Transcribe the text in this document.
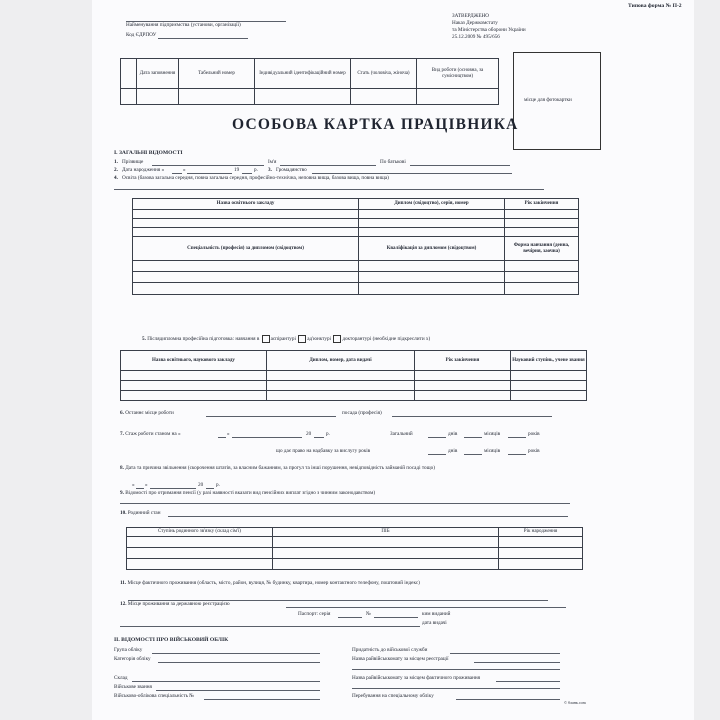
Типова форма № П-2
ЗАТВЕРДЖЕНО
Наказ Держкомстату
та Міністерства оборони України
25.12.2009 № 495/656
Найменування підприємства (установи, організації)
Код ЄДРПОУ
	Дата заповнення	Табельний номер	Індивідуальний ідентифікаційний номер	Стать (чоловіча, жіноча)	Вид роботи (основна, за сумісництвом)

місце для фотокартки
ОСОБОВА КАРТКА ПРАЦІВНИКА
І. ЗАГАЛЬНІ ВІДОМОСТІ
1. Прізвище	Ім'я	По батькові
2. Дата народження «	»	19	р. 3. Громадянство
4. Освіта (базова загальна середня, повна загальна середня, професійно-технічна, неповна вища, базова вища, повна вища)
Назва освітнього закладу	Диплом (свідоцтво), серія, номер	Рік закінчення

Спеціальність (професія) за дипломом (свідоцтвом)	Кваліфікація за дипломом (свідоцтвом)	Форма навчання (денна, вечірня, заочна)

5. Післядипломна професійна підготовка: навчання в аспірантурі ад'юнктурі докторантурі (необхідне підкреслити х)
Назва освітнього, наукового закладу	Диплом, номер, дата видачі	Рік закінчення	Науковий ступінь, учене звання

6. Останнє місце роботи	посада (професія)
7. Стаж роботи станом на «	»	20	р.	Загальний	днів	місяців	років
що дає право на надбавку за вислугу років	днів	місяців	років
8. Дата та причина звільнення (скорочення штатів, за власним бажанням, за прогул та інші порушення, невідповідність займаній посаді тощо)
« »	20 р.
9. Відомості про отримання пенсії (у разі наявності вказати вид пенсійних виплат згідно з чинним законодавством)
10. Родинний стан
Ступінь родинного зв'язку (склад сім'ї)	ПІБ	Рік народження

11. Місце фактичного проживання (область, місто, район, вулиця, № будинку, квартира, номер контактного телефону, поштовий індекс)
12. Місце проживання за державною реєстрацією
Паспорт: серія	№	ким виданий
дата видачі
ІІ. ВІДОМОСТІ ПРО ВІЙСЬКОВИЙ ОБЛІК
Група обліку
Категорія обліку
Склад
Військове звання
Військово-облікова спеціальність №
Придатність до військової служби
Назва райвійськкомату за місцем реєстрації
Назва райвійськкомату за місцем фактичного проживання
Перебування на спеціальному обліку
© бланк.com
